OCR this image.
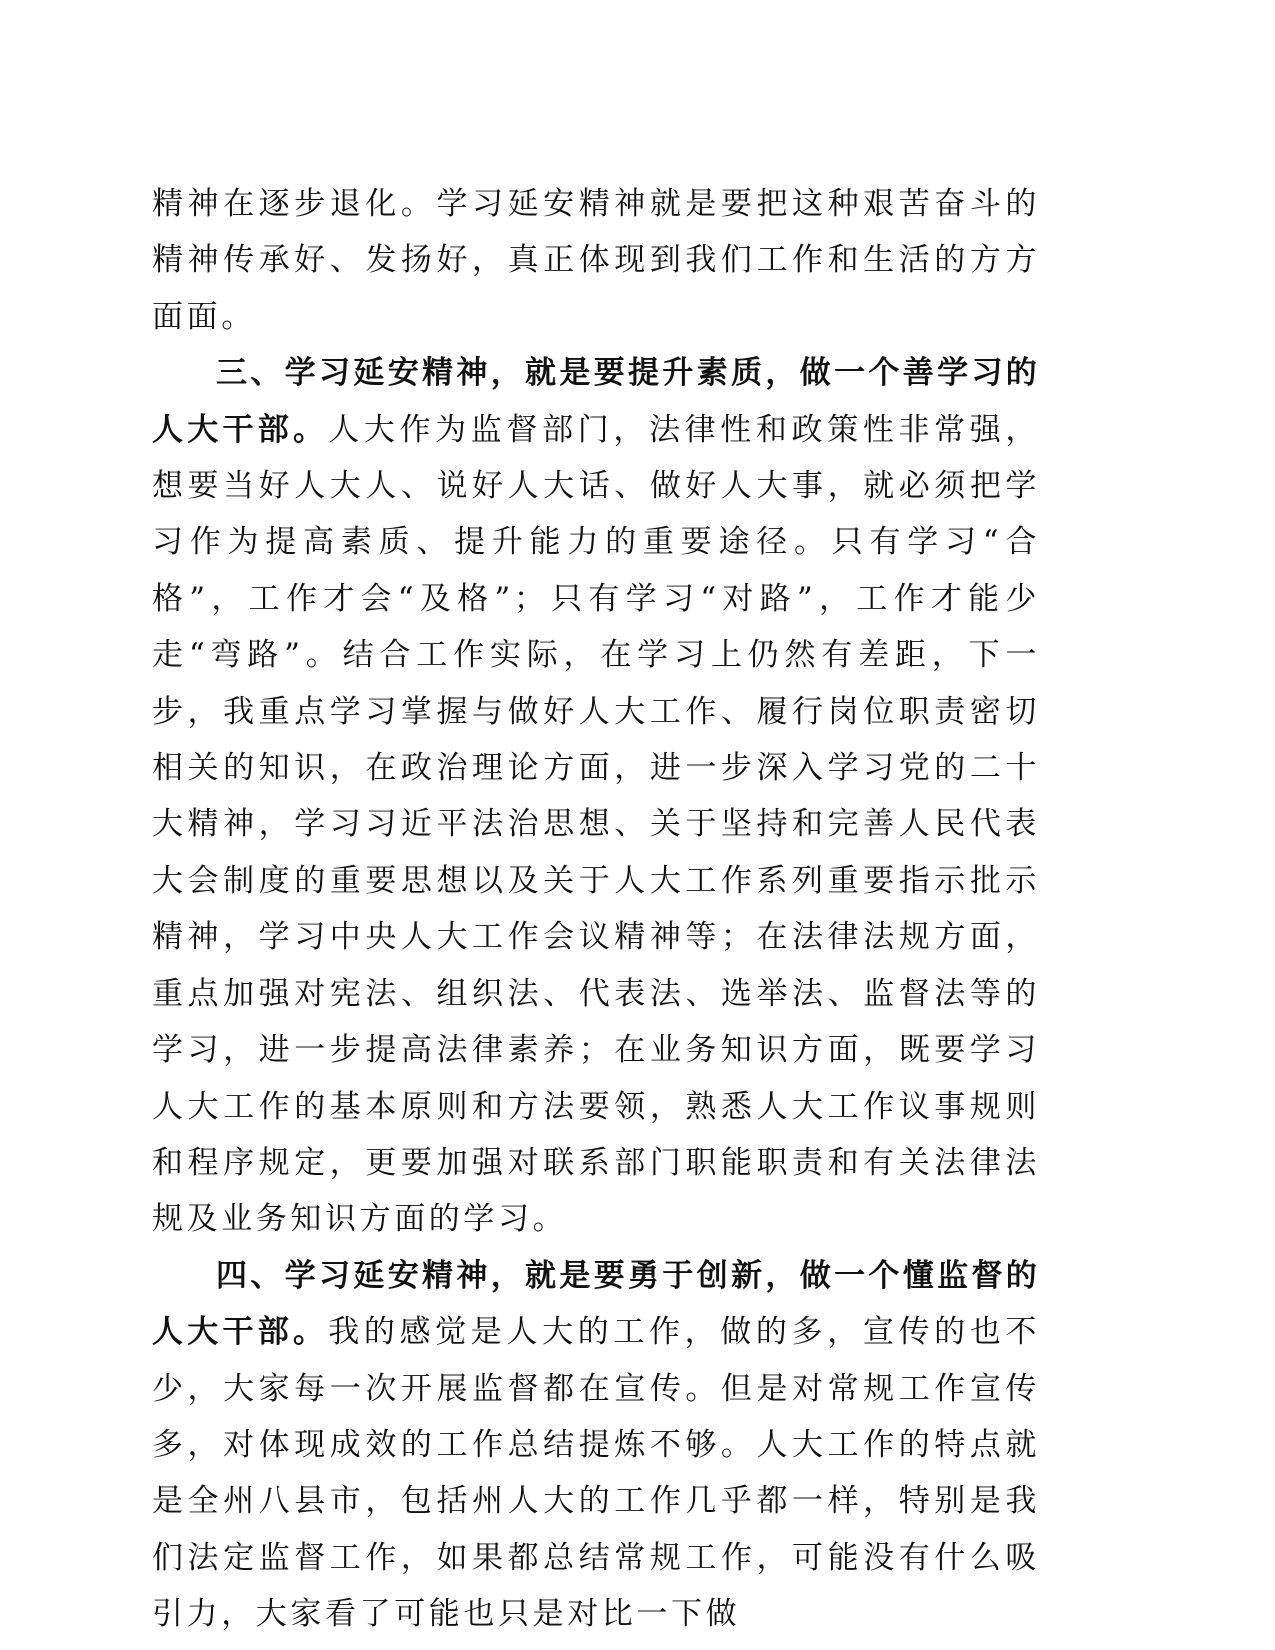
精神在逐步退化。学习延安精神就是要把这种艰苦奋斗的精神传承好、发扬好，真正体现到我们工作和生活的方方面面。

三、学习延安精神，就是要提升素质，做一个善学习的人大干部。人大作为监督部门，法律性和政策性非常强，想要当好人大人、说好人大话、做好人大事，就必须把学习作为提高素质、提升能力的重要途径。只有学习“合格”，工作才会“及格”；只有学习“对路”，工作才能少走“弯路”。结合工作实际，在学习上仍然有差距，下一步，我重点学习掌握与做好人大工作、履行岗位职责密切相关的知识，在政治理论方面，进一步深入学习党的二十大精神，学习习近平法治思想、关于坚持和完善人民代表大会制度的重要思想以及关于人大工作系列重要指示批示精神，学习中央人大工作会议精神等；在法律法规方面，重点加强对宪法、组织法、代表法、选举法、监督法等的学习，进一步提高法律素养；在业务知识方面，既要学习人大工作的基本原则和方法要领，熟悉人大工作议事规则和程序规定，更要加强对联系部门职能职责和有关法律法规及业务知识方面的学习。

四、学习延安精神，就是要勇于创新，做一个懂监督的人大干部。我的感觉是人大的工作，做的多，宣传的也不少，大家每一次开展监督都在宣传。但是对常规工作宣传多，对体现成效的工作总结提炼不够。人大工作的特点就是全州八县市，包括州人大的工作几乎都一样，特别是我们法定监督工作，如果都总结常规工作，可能没有什么吸引力，大家看了可能也只是对比一下做
